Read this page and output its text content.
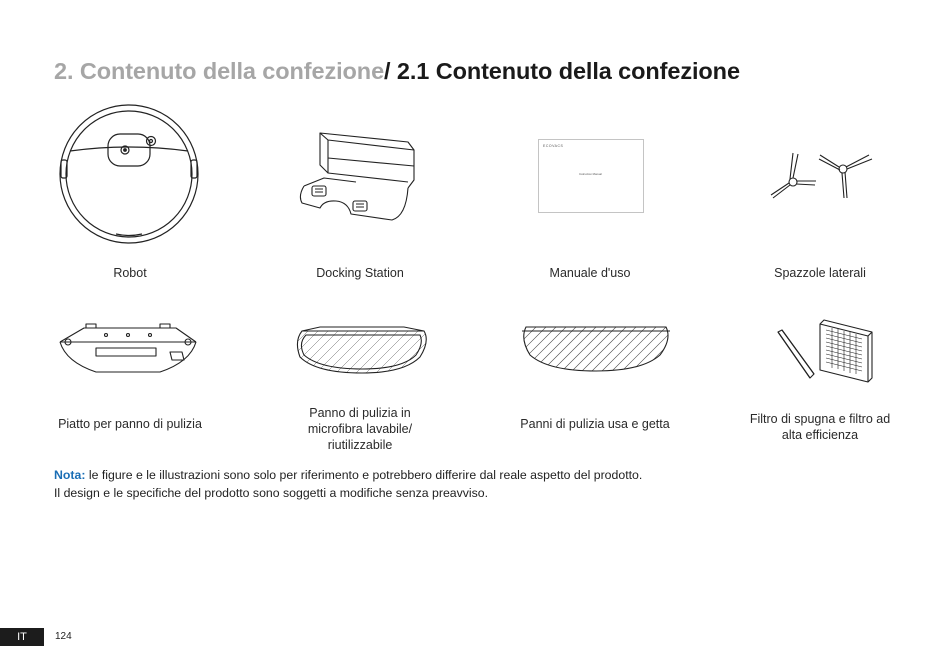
2. Contenuto della confezione/ 2.1 Contenuto della confezione
ECOVACS
Instruction Manual
Robot	Docking Station	Manuale d'uso	Spazzole laterali
Piatto per panno di pulizia
Panno di pulizia in microfibra lavabile/ riutilizzabile
Panni di pulizia usa e getta	Filtro di spugna e filtro ad alta efficienza
Nota: le figure e le illustrazioni sono solo per riferimento e potrebbero differire dal reale aspetto del prodotto.
Il design e le specifiche del prodotto sono soggetti a modifiche senza preavviso.
IT	124
